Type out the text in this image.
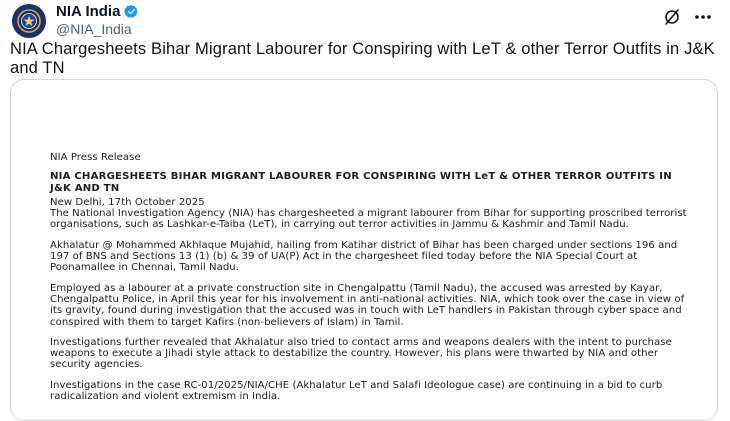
NIA India
@NIA_India
NIA Chargesheets Bihar Migrant Labourer for Conspiring with LeT & other Terror Outfits in J&K and TN

NIA Press Release

NIA CHARGESHEETS BIHAR MIGRANT LABOURER FOR CONSPIRING WITH LeT & OTHER TERROR OUTFITS IN J&K AND TN

New Delhi, 17th October 2025

The National Investigation Agency (NIA) has chargesheeted a migrant labourer from Bihar for supporting proscribed terrorist organisations, such as Lashkar-e-Taiba (LeT), in carrying out terror activities in Jammu & Kashmir and Tamil Nadu.

Akhalatur @ Mohammed Akhlaque Mujahid, hailing from Katihar district of Bihar has been charged under sections 196 and 197 of BNS and Sections 13 (1) (b) & 39 of UA(P) Act in the chargesheet filed today before the NIA Special Court at Poonamallee in Chennai, Tamil Nadu.

Employed as a labourer at a private construction site in Chengalpattu (Tamil Nadu), the accused was arrested by Kayar, Chengalpattu Police, in April this year for his involvement in anti-national activities. NIA, which took over the case in view of its gravity, found during investigation that the accused was in touch with LeT handlers in Pakistan through cyber space and conspired with them to target Kafirs (non-believers of Islam) in Tamil.

Investigations further revealed that Akhalatur also tried to contact arms and weapons dealers with the intent to purchase weapons to execute a Jihadi style attack to destabilize the country. However, his plans were thwarted by NIA and other security agencies.

Investigations in the case RC-01/2025/NIA/CHE (Akhalatur LeT and Salafi Ideologue case) are continuing in a bid to curb radicalization and violent extremism in India.
